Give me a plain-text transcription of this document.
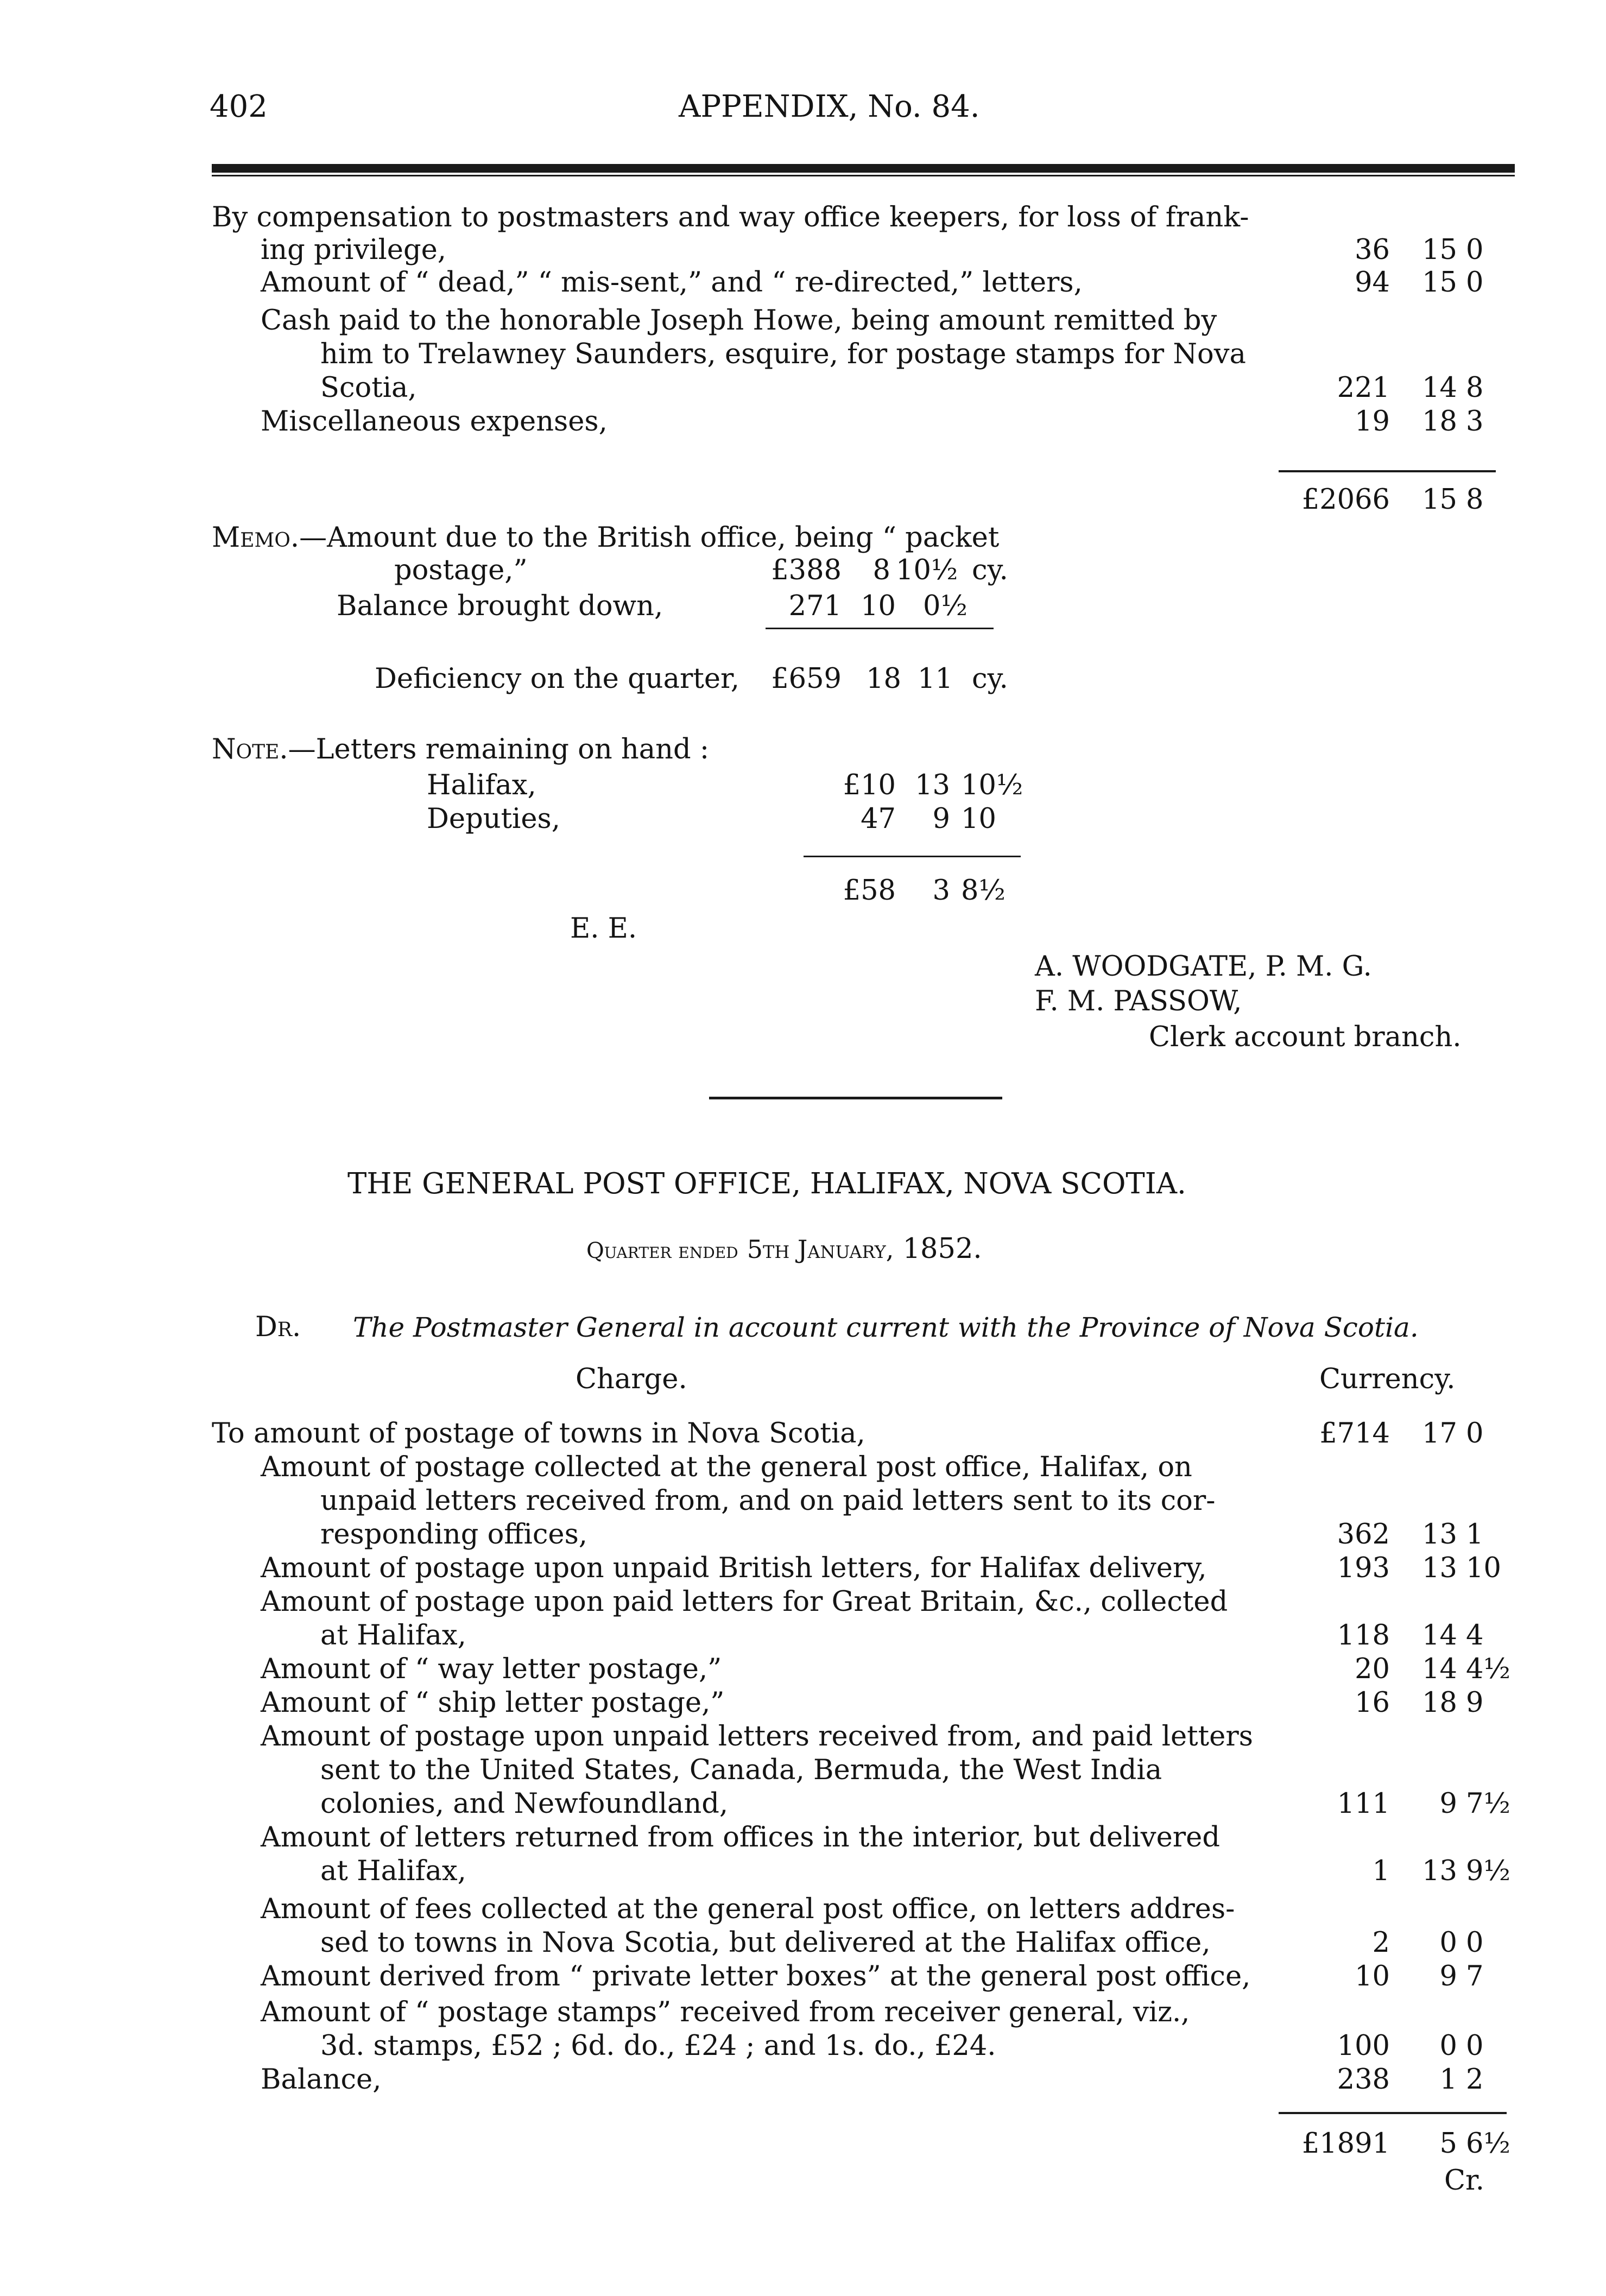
402	APPENDIX, No. 84.
By compensation to postmasters and way office keepers, for loss of frank-
ing privilege,	36	15 0
Amount of “ dead,” “ mis-sent,” and “ re-directed,” letters,	94	15 0
Cash paid to the honorable Joseph Howe, being amount remitted by
him to Trelawney Saunders, esquire, for postage stamps for Nova
Scotia,	221	14 8
Miscellaneous expenses,	19	18 3
£2066	15 8
Memo.—Amount due to the British office, being “ packet
postage,”	£388	8 10½ cy.
Balance brought down,	271 10 0½
Deficiency on the quarter,	£659 18 11 cy.
Note.—Letters remaining on hand :
Halifax,	£10 13 10½
Deputies,	47	9 10
£58	3 8½
E. E.
A. WOODGATE, P. M. G.
F. M. PASSOW,
Clerk account branch.
THE GENERAL POST OFFICE, HALIFAX, NOVA SCOTIA.
Quarter ended 5th January, 1852.
Dr. The Postmaster General in account current with the Province of Nova Scotia.
Charge.	Currency.
To amount of postage of towns in Nova Scotia,	£714	17 0
Amount of postage collected at the general post office, Halifax, on
unpaid letters received from, and on paid letters sent to its cor-
responding offices,	362	13 1
Amount of postage upon unpaid British letters, for Halifax delivery,	193	13 10
Amount of postage upon paid letters for Great Britain, &c., collected
at Halifax,	118	14 4
Amount of “ way letter postage,”	20	14 4½
Amount of “ ship letter postage,”	16	18 9
Amount of postage upon unpaid letters received from, and paid letters
sent to the United States, Canada, Bermuda, the West India
colonies, and Newfoundland,	111	9 7½
Amount of letters returned from offices in the interior, but delivered
at Halifax,	1	13 9½
Amount of fees collected at the general post office, on letters addres-
sed to towns in Nova Scotia, but delivered at the Halifax office,	2	0 0
Amount derived from “ private letter boxes” at the general post office,	10	9 7
Amount of “ postage stamps” received from receiver general, viz.,
3d. stamps, £52 ; 6d. do., £24 ; and 1s. do., £24.	100	0 0
Balance,	238	1 2
£1891	5 6½
Cr.
